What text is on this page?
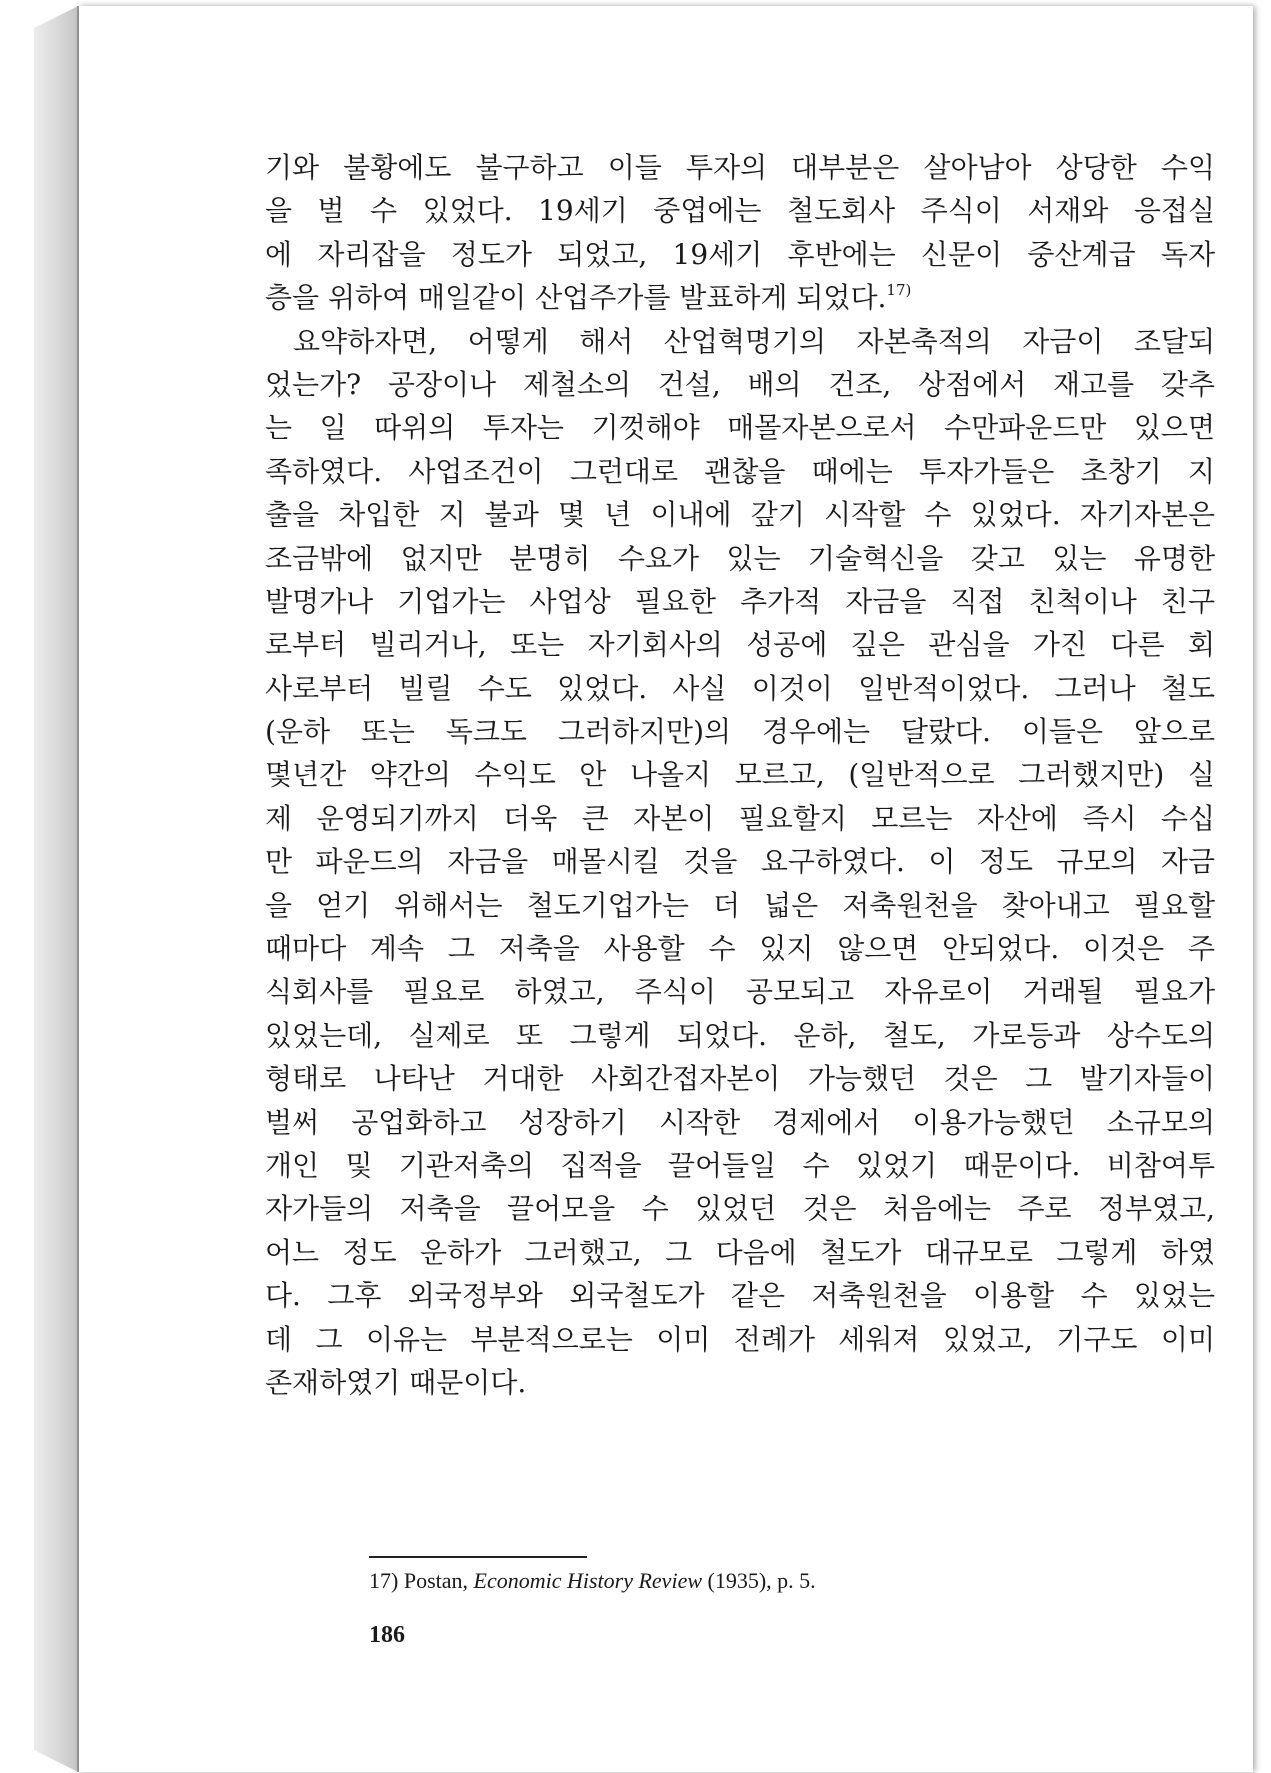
기와 불황에도 불구하고 이들 투자의 대부분은 살아남아 상당한 수익
을 벌 수 있었다. 19세기 중엽에는 철도회사 주식이 서재와 응접실
에 자리잡을 정도가 되었고, 19세기 후반에는 신문이 중산계급 독자
층을 위하여 매일같이 산업주가를 발표하게 되었다.$^{17)}$
요약하자면, 어떻게 해서 산업혁명기의 자본축적의 자금이 조달되
었는가? 공장이나 제철소의 건설, 배의 건조, 상점에서 재고를 갖추
는 일 따위의 투자는 기껏해야 매몰자본으로서 수만파운드만 있으면
족하였다. 사업조건이 그런대로 괜찮을 때에는 투자가들은 초창기 지
출을 차입한 지 불과 몇 년 이내에 갚기 시작할 수 있었다. 자기자본은
조금밖에 없지만 분명히 수요가 있는 기술혁신을 갖고 있는 유명한
발명가나 기업가는 사업상 필요한 추가적 자금을 직접 친척이나 친구
로부터 빌리거나, 또는 자기회사의 성공에 깊은 관심을 가진 다른 회
사로부터 빌릴 수도 있었다. 사실 이것이 일반적이었다. 그러나 철도
(운하 또는 독크도 그러하지만)의 경우에는 달랐다. 이들은 앞으로
몇년간 약간의 수익도 안 나올지 모르고, (일반적으로 그러했지만) 실
제 운영되기까지 더욱 큰 자본이 필요할지 모르는 자산에 즉시 수십
만 파운드의 자금을 매몰시킬 것을 요구하였다. 이 정도 규모의 자금
을 얻기 위해서는 철도기업가는 더 넓은 저축원천을 찾아내고 필요할
때마다 계속 그 저축을 사용할 수 있지 않으면 안되었다. 이것은 주
식회사를 필요로 하였고, 주식이 공모되고 자유로이 거래될 필요가
있었는데, 실제로 또 그렇게 되었다. 운하, 철도, 가로등과 상수도의
형태로 나타난 거대한 사회간접자본이 가능했던 것은 그 발기자들이
벌써 공업화하고 성장하기 시작한 경제에서 이용가능했던 소규모의
개인 및 기관저축의 집적을 끌어들일 수 있었기 때문이다. 비참여투
자가들의 저축을 끌어모을 수 있었던 것은 처음에는 주로 정부였고,
어느 정도 운하가 그러했고, 그 다음에 철도가 대규모로 그렇게 하였
다. 그후 외국정부와 외국철도가 같은 저축원천을 이용할 수 있었는
데 그 이유는 부분적으로는 이미 전례가 세워져 있었고, 기구도 이미
존재하였기 때문이다.
17) Postan, Economic History Review (1935), p. 5.
186
